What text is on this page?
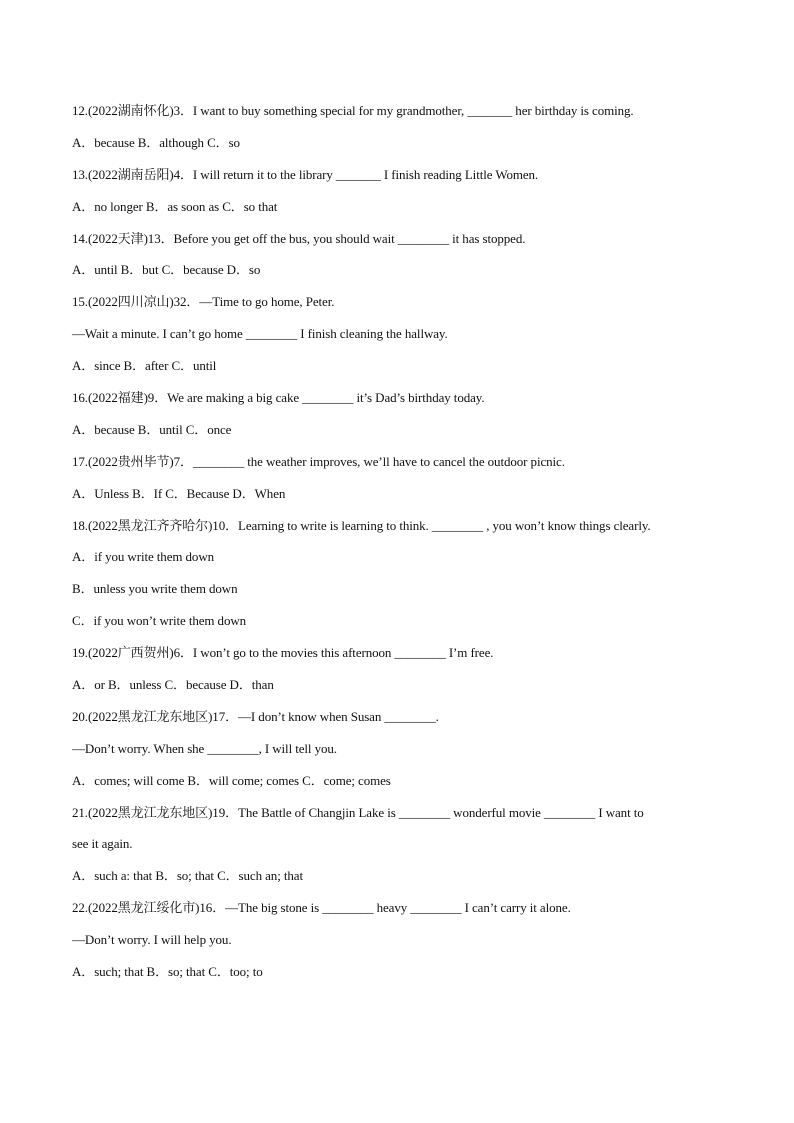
12.(2022湖南怀化)3．I want to buy something special for my grandmother, _______ her birthday is coming.
A．because B．although C．so
13.(2022湖南岳阳)4．I will return it to the library _______ I finish reading Little Women.
A．no longer B．as soon as C．so that
14.(2022天津)13．Before you get off the bus, you should wait ________ it has stopped.
A．until B．but C．because D．so
15.(2022四川凉山)32．—Time to go home, Peter.
—Wait a minute. I can’t go home ________ I finish cleaning the hallway.
A．since B．after C．until
16.(2022福建)9．We are making a big cake ________ it’s Dad’s birthday today.
A．because B．until C．once
17.(2022贵州毕节)7．________ the weather improves, we’ll have to cancel the outdoor picnic.
A．Unless B．If C．Because D．When
18.(2022黑龙江齐齐哈尔)10．Learning to write is learning to think. ________ , you won’t know things clearly.
A．if you write them down
B．unless you write them down
C．if you won’t write them down
19.(2022广西贺州)6．I won’t go to the movies this afternoon ________ I’m free.
A．or B．unless C．because D．than
20.(2022黑龙江龙东地区)17．—I don’t know when Susan ________.
—Don’t worry. When she ________, I will tell you.
A．comes; will come B．will come; comes C．come; comes
21.(2022黑龙江龙东地区)19．The Battle of Changjin Lake is ________ wonderful movie ________ I want to
see it again.
A．such a: that B．so; that C．such an; that
22.(2022黑龙江绥化市)16．—The big stone is ________ heavy ________ I can’t carry it alone.
—Don’t worry. I will help you.
A．such; that B．so; that C．too; to
